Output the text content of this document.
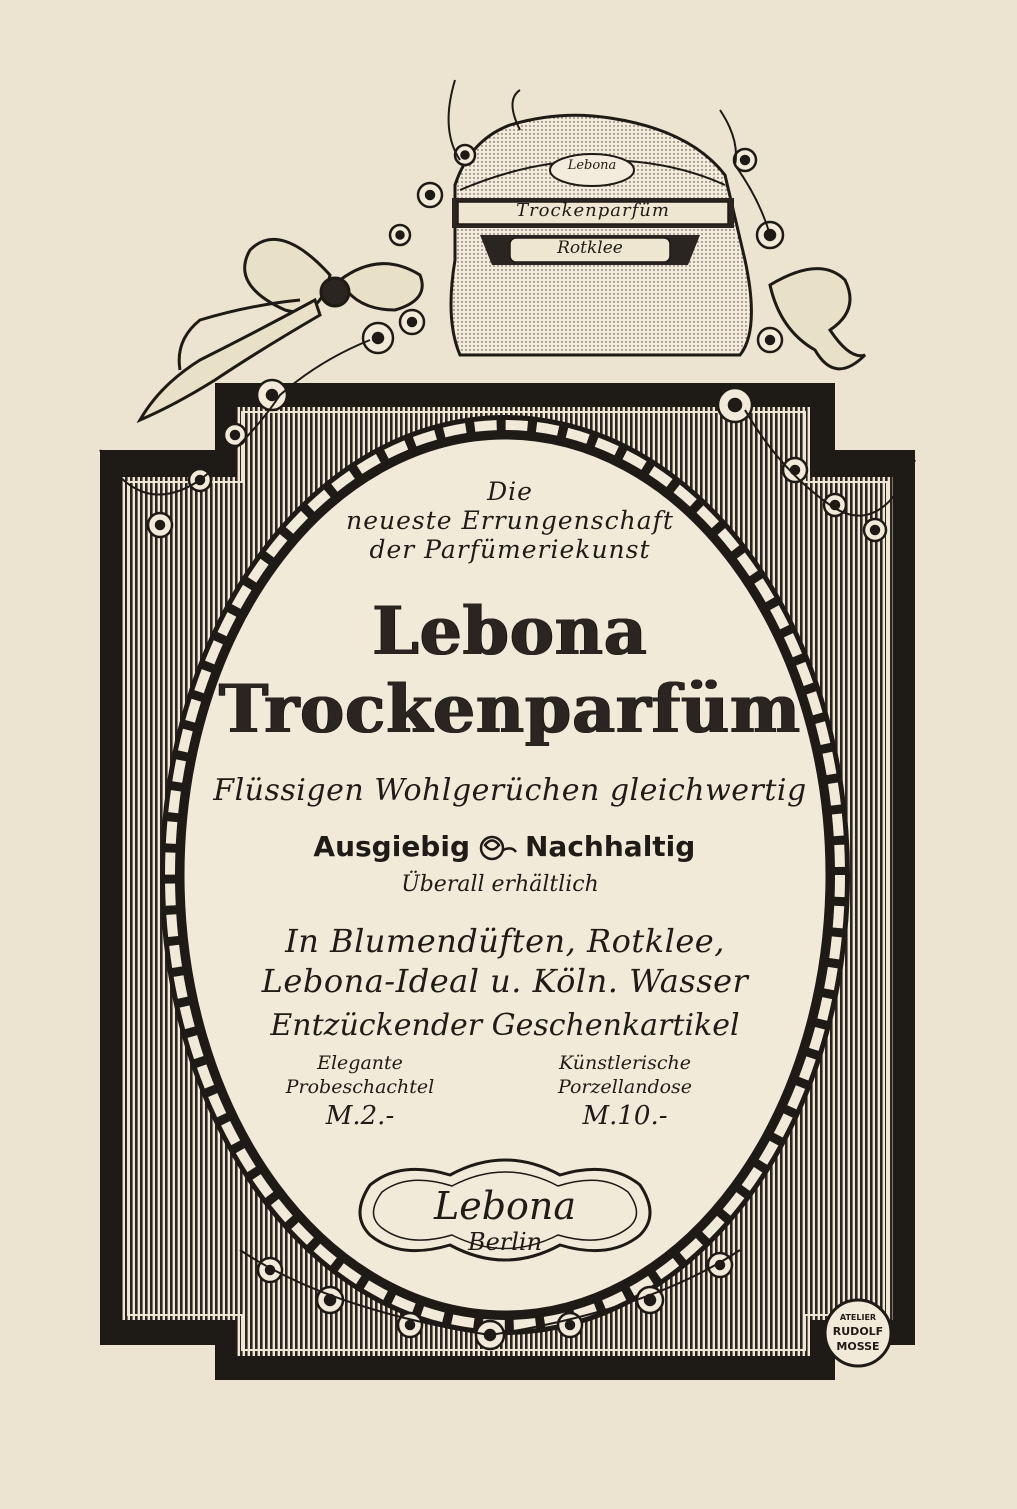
Lebona
Trockenparfüm
Rotklee
Die
neueste Errungenschaft
der Parfümeriekunst
Lebona
Trockenparfüm
Flüssigen Wohlgerüchen gleichwertig
Ausgiebig Nachhaltig
Überall erhältlich
In Blumendüften, Rotklee,
Lebona-Ideal u. Köln. Wasser
Entzückender Geschenkartikel
Elegante
Probeschachtel
M.2.-
Künstlerische
Porzellandose
M.10.-
Lebona
Berlin
ATELIER
RUDOLF
MOSSE
